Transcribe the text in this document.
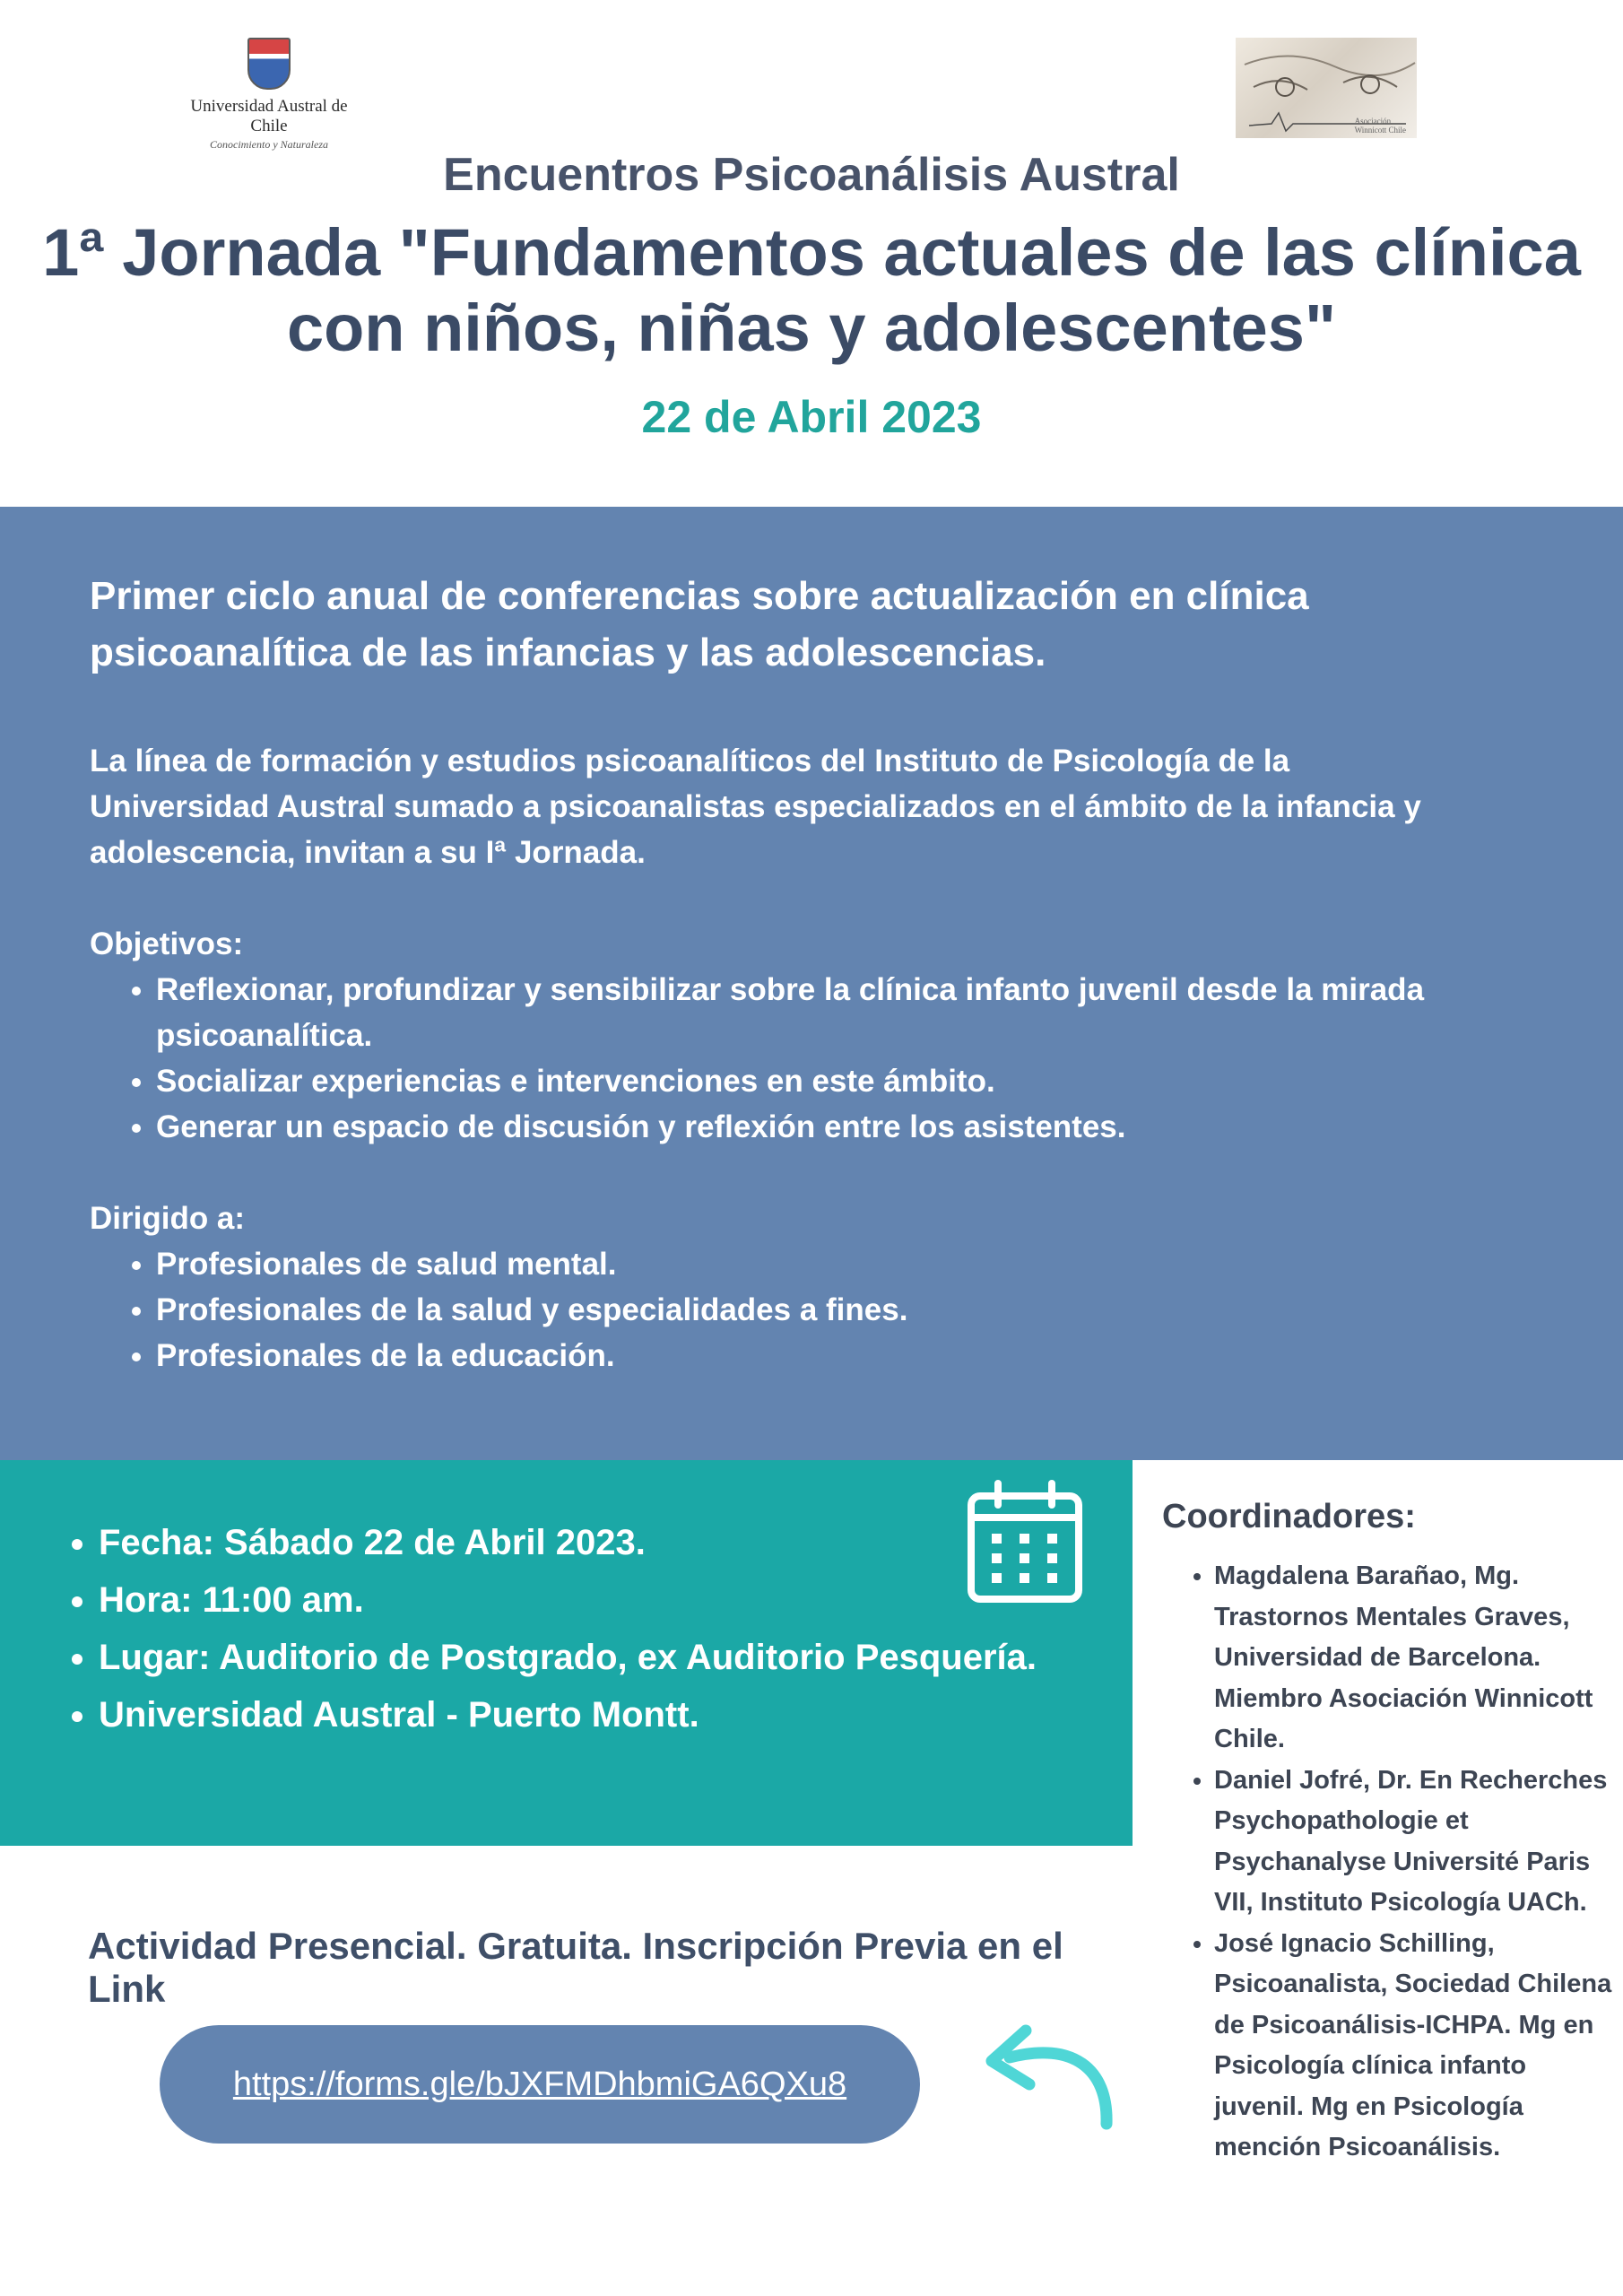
Universidad Austral de Chile
Conocimiento y Naturaleza
Asociación
Winnicott Chile
Encuentros Psicoanálisis Austral
1ª Jornada "Fundamentos actuales de las clínica
con niños, niñas y adolescentes"
22 de Abril 2023
Primer ciclo anual de conferencias sobre actualización en clínica
psicoanalítica de las infancias y las adolescencias.

La línea de formación y estudios psicoanalíticos del Instituto de Psicología de la
Universidad Austral sumado a psicoanalistas especializados en el ámbito de la infancia y
adolescencia, invitan a su Iª Jornada.

Objetivos:

• Reflexionar, profundizar y sensibilizar sobre la clínica infanto juvenil desde la mirada psicoanalítica.
• Socializar experiencias e intervenciones en este ámbito.
• Generar un espacio de discusión y reflexión entre los asistentes.

Dirigido a:

• Profesionales de salud mental.
• Profesionales de la salud y especialidades a fines.
• Profesionales de la educación.
• Fecha: Sábado 22 de Abril 2023.
• Hora: 11:00 am.
• Lugar: Auditorio de Postgrado, ex Auditorio Pesquería.
• Universidad Austral - Puerto Montt.
Coordinadores:
• Magdalena Barañao, Mg. Trastornos Mentales Graves, Universidad de Barcelona. Miembro Asociación Winnicott Chile.
• Daniel Jofré, Dr. En Recherches Psychopathologie et Psychanalyse Université Paris VII, Instituto Psicología UACh.
• José Ignacio Schilling, Psicoanalista, Sociedad Chilena de Psicoanálisis-ICHPA. Mg en Psicología clínica infanto juvenil. Mg en Psicología mención Psicoanálisis.
Actividad Presencial. Gratuita. Inscripción Previa en el Link
https://forms.gle/bJXFMDhbmiGA6QXu8
